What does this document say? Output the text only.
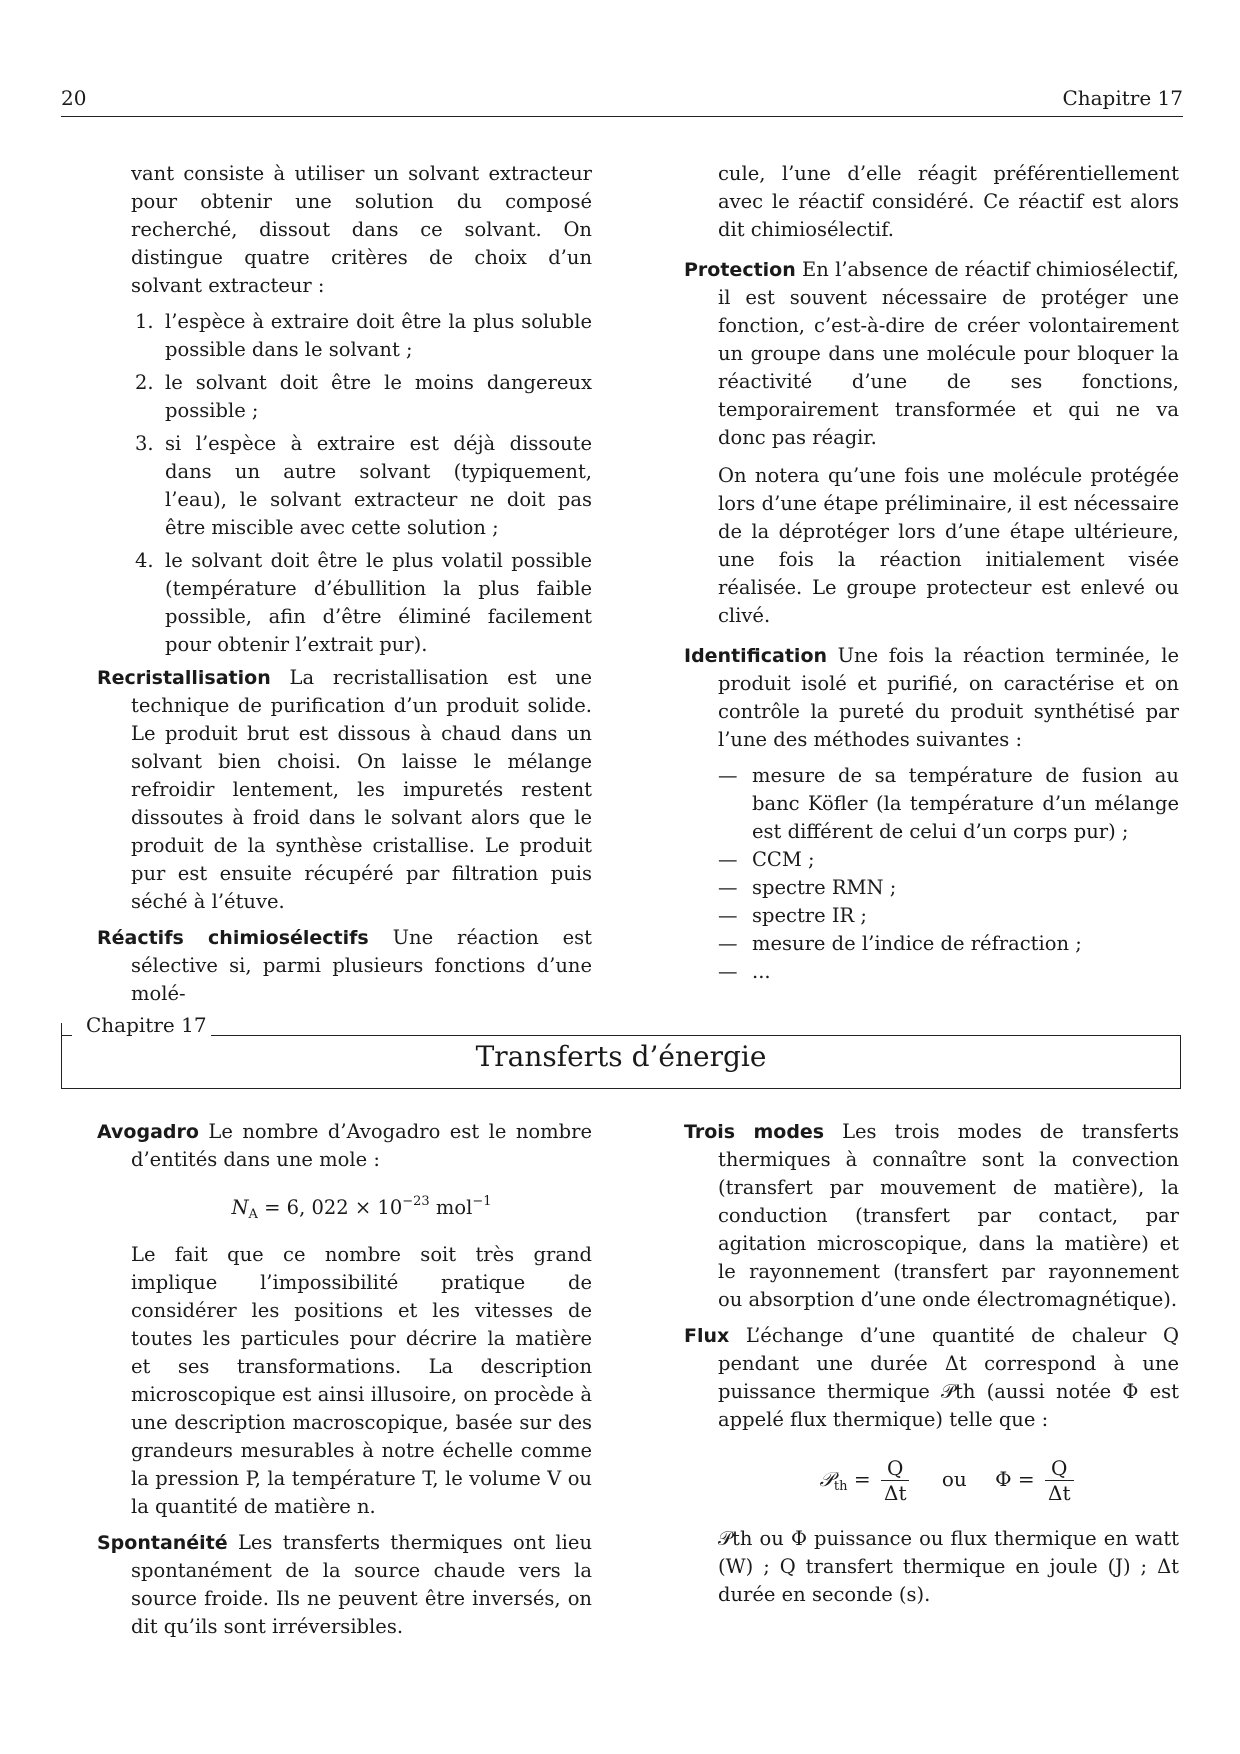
20	Chapitre 17

vant consiste à utiliser un solvant extracteur pour obtenir une solution du composé recherché, dissout dans ce solvant. On distingue quatre critères de choix d’un solvant extracteur :

1. l’espèce à extraire doit être la plus soluble possible dans le solvant ;
2. le solvant doit être le moins dangereux possible ;
3. si l’espèce à extraire est déjà dissoute dans un autre solvant (typiquement, l’eau), le solvant extracteur ne doit pas être miscible avec cette solution ;
4. le solvant doit être le plus volatil possible (température d’ébullition la plus faible possible, afin d’être éliminé facilement pour obtenir l’extrait pur).

Recristallisation La recristallisation est une technique de purification d’un produit solide. Le produit brut est dissous à chaud dans un solvant bien choisi. On laisse le mélange refroidir lentement, les impuretés restent dissoutes à froid dans le solvant alors que le produit de la synthèse cristallise. Le produit pur est ensuite récupéré par filtration puis séché à l’étuve.

Réactifs chimiosélectifs Une réaction est sélective si, parmi plusieurs fonctions d’une molé-

cule, l’une d’elle réagit préférentiellement avec le réactif considéré. Ce réactif est alors dit chimiosélectif.

Protection En l’absence de réactif chimiosélectif, il est souvent nécessaire de protéger une fonction, c’est-à-dire de créer volontairement un groupe dans une molécule pour bloquer la réactivité d’une de ses fonctions, temporairement transformée et qui ne va donc pas réagir.

On notera qu’une fois une molécule protégée lors d’une étape préliminaire, il est nécessaire de la déprotéger lors d’une étape ultérieure, une fois la réaction initialement visée réalisée. Le groupe protecteur est enlevé ou clivé.

Identification Une fois la réaction terminée, le produit isolé et purifié, on caractérise et on contrôle la pureté du produit synthétisé par l’une des méthodes suivantes :

— mesure de sa température de fusion au banc Köfler (la température d’un mélange est différent de celui d’un corps pur) ;
— CCM ;
— spectre RMN ;
— spectre IR ;
— mesure de l’indice de réfraction ;
— ...
Chapitre 17
Transferts d’énergie

Avogadro Le nombre d’Avogadro est le nombre d’entités dans une mole :

$N_A = 6$, $022 \times 10^{-23}$ mol$^{-1}$

Le fait que ce nombre soit très grand implique l’impossibilité pratique de considérer les positions et les vitesses de toutes les particules pour décrire la matière et ses transformations. La description microscopique est ainsi illusoire, on procède à une description macroscopique, basée sur des grandeurs mesurables à notre échelle comme la pression P, la température T, le volume V ou la quantité de matière n.

Spontanéité Les transferts thermiques ont lieu spontanément de la source chaude vers la source froide. Ils ne peuvent être inversés, on dit qu’ils sont irréversibles.

Trois modes Les trois modes de transferts thermiques à connaître sont la convection (transfert par mouvement de matière), la conduction (transfert par contact, par agitation microscopique, dans la matière) et le rayonnement (transfert par rayonnement ou absorption d’une onde électromagnétique).

Flux L’échange d’une quantité de chaleur Q pendant une durée Δt correspond à une puissance thermique 𝒫th (aussi notée Φ est appelé flux thermique) telle que :

𝒫$_{th}$ = $\frac{Q}{\Delta t}$ ou $\Phi = \frac{Q}{\Delta t}$

𝒫th ou Φ puissance ou flux thermique en watt (W) ; Q transfert thermique en joule (J) ; Δt durée en seconde (s).
